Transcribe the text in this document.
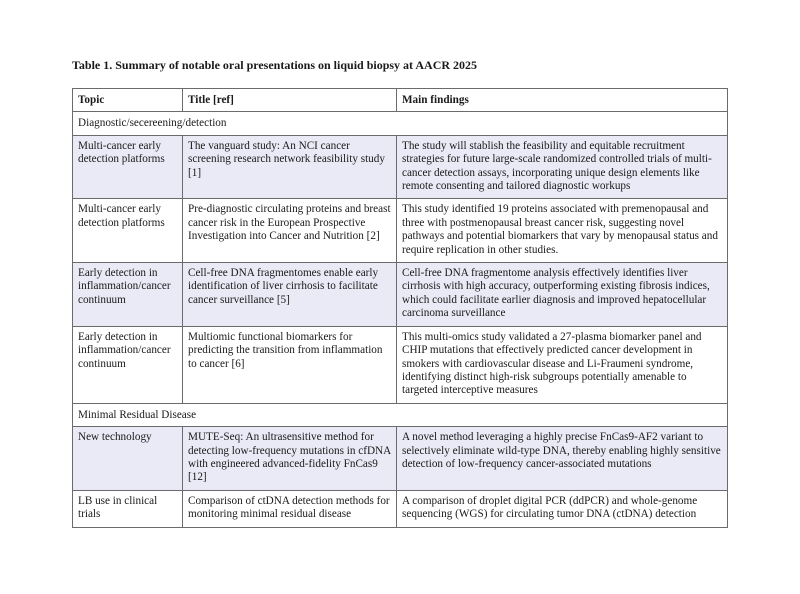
Table 1. Summary of notable oral presentations on liquid biopsy at AACR 2025
Topic	Title [ref]	Main findings
Diagnostic/secereening/detection		
Multi-cancer early detection platforms	The vanguard study: An NCI cancer screening research network feasibility study [1]	The study will stablish the feasibility and equitable recruitment strategies for future large-scale randomized controlled trials of multi-cancer detection assays, incorporating unique design elements like remote consenting and tailored diagnostic workups
Multi-cancer early detection platforms	Pre-diagnostic circulating proteins and breast cancer risk in the European Prospective Investigation into Cancer and Nutrition [2]	This study identified 19 proteins associated with premenopausal and three with postmenopausal breast cancer risk, suggesting novel pathways and potential biomarkers that vary by menopausal status and require replication in other studies.
Early detection in inflammation/cancer continuum	Cell-free DNA fragmentomes enable early identification of liver cirrhosis to facilitate cancer surveillance [5]	Cell-free DNA fragmentome analysis effectively identifies liver cirrhosis with high accuracy, outperforming existing fibrosis indices, which could facilitate earlier diagnosis and improved hepatocellular carcinoma surveillance
Early detection in inflammation/cancer continuum	Multiomic functional biomarkers for predicting the transition from inflammation to cancer [6]	This multi-omics study validated a 27-plasma biomarker panel and CHIP mutations that effectively predicted cancer development in smokers with cardiovascular disease and Li-Fraumeni syndrome, identifying distinct high-risk subgroups potentially amenable to targeted interceptive measures
Minimal Residual Disease		
New technology	MUTE-Seq: An ultrasensitive method for detecting low-frequency mutations in cfDNA with engineered advanced-fidelity FnCas9 [12]	A novel method leveraging a highly precise FnCas9-AF2 variant to selectively eliminate wild-type DNA, thereby enabling highly sensitive detection of low-frequency cancer-associated mutations
LB use in clinical trials	Comparison of ctDNA detection methods for monitoring minimal residual disease	A comparison of droplet digital PCR (ddPCR) and whole-genome sequencing (WGS) for circulating tumor DNA (ctDNA) detection
